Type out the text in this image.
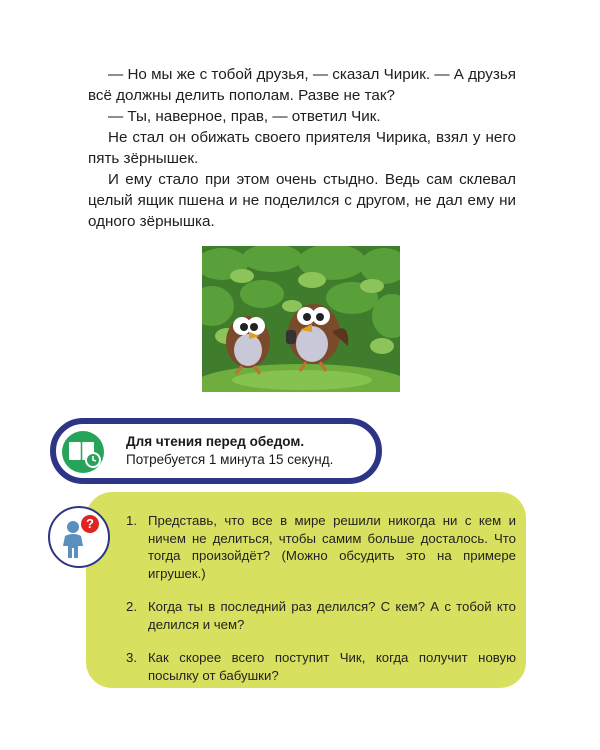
— Но мы же с тобой друзья, — сказал Чирик. — А друзья всё должны делить пополам. Разве не так?

— Ты, наверное, прав, — ответил Чик.

Не стал он обижать своего приятеля Чирика, взял у него пять зёрнышек.

И ему стало при этом очень стыдно. Ведь сам склевал целый ящик пшена и не поделился с другом, не дал ему ни одного зёрнышка.

Для чтения перед обедом.
Потребуется 1 минута 15 секунд.
? 1. Представь, что все в мире решили никогда ни с кем и ничем не делиться, чтобы самим больше досталось. Что тогда произойдёт? (Можно обсудить это на примере игрушек.)
2. Когда ты в последний раз делился? С кем? А с тобой кто делился и чем?
3. Как скорее всего поступит Чик, когда получит новую посылку от бабушки?
